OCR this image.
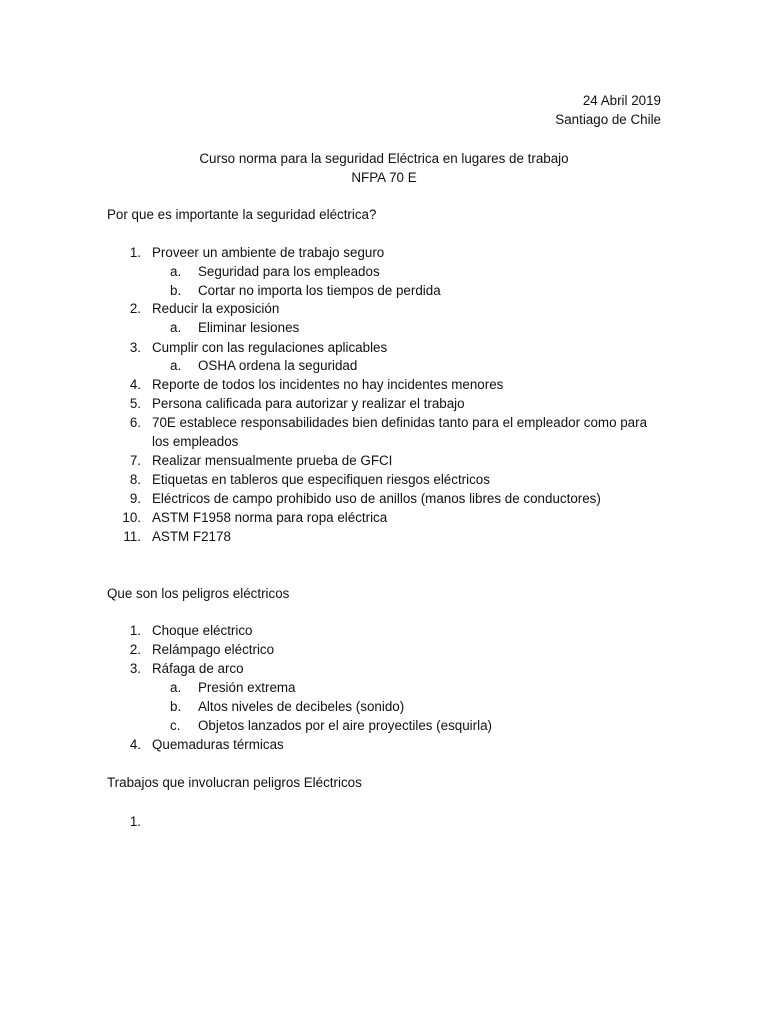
24 Abril 2019
Santiago de Chile
Curso norma para la seguridad Eléctrica en lugares de trabajo
NFPA 70 E
Por que es importante la seguridad eléctrica?
1. Proveer un ambiente de trabajo seguro
a.	Seguridad para los empleados
b.	Cortar no importa los tiempos de perdida
2. Reducir la exposición
a.	Eliminar lesiones
3. Cumplir con las regulaciones aplicables
a.	OSHA ordena la seguridad
4. Reporte de todos los incidentes no hay incidentes menores
5. Persona calificada para autorizar y realizar el trabajo
6. 70E establece responsabilidades bien definidas tanto para el empleador como para
los empleados
7. Realizar mensualmente prueba de GFCI
8. Etiquetas en tableros que especifiquen riesgos eléctricos
9. Eléctricos de campo prohibido uso de anillos (manos libres de conductores)
10. ASTM F1958 norma para ropa eléctrica
11. ASTM F2178
Que son los peligros eléctricos
1. Choque eléctrico
2. Relámpago eléctrico
3. Ráfaga de arco
a.	Presión extrema
b.	Altos niveles de decibeles (sonido)
c.	Objetos lanzados por el aire proyectiles (esquirla)
4. Quemaduras térmicas
Trabajos que involucran peligros Eléctricos
1.
